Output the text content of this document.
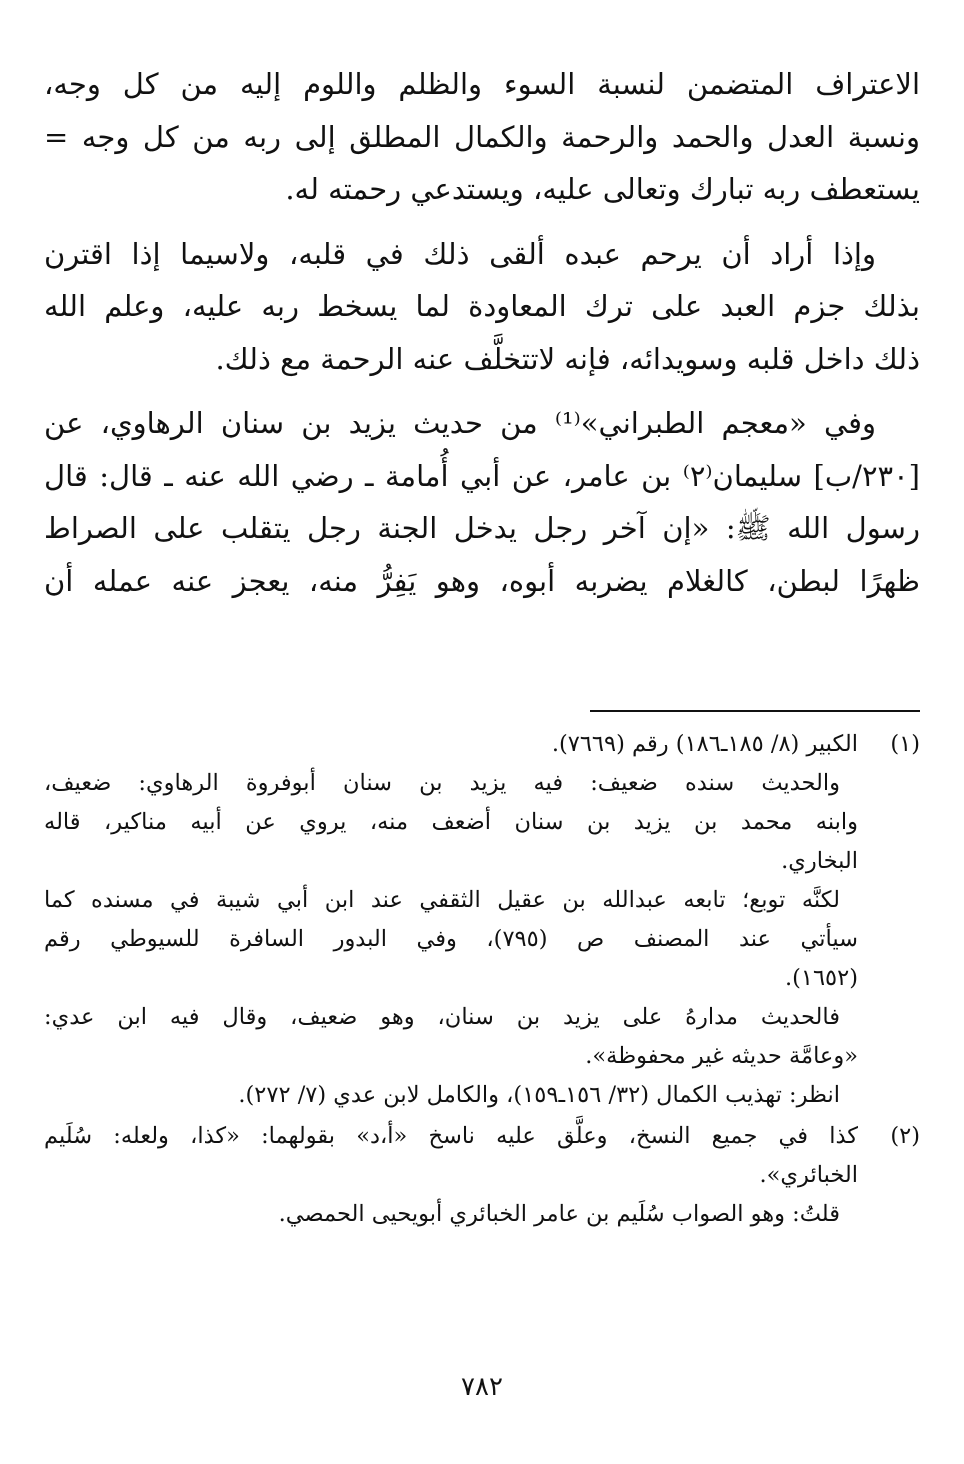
الاعتراف المتضمن لنسبة السوء والظلم واللوم إليه من كل وجه،
ونسبة العدل والحمد والرحمة والكمال المطلق إلى ربه من كل وجه =
يستعطف ربه تبارك وتعالى عليه، ويستدعي رحمته له.

وإذا أراد أن يرحم عبده ألقى ذلك في قلبه، ولاسيما إذا اقترن
بذلك جزم العبد على ترك المعاودة لما يسخط ربه عليه، وعلم الله
ذلك داخل قلبه وسويدائه، فإنه لاتتخلَّف عنه الرحمة مع ذلك.

وفي «معجم الطبراني»⁽¹⁾ من حديث يزيد بن سنان الرهاوي، عن
[٢٣٠/ب] سليمان⁽٢⁾ بن عامر، عن أبي أُمامة ـ رضي الله عنه ـ قال: قال
رسول الله ﷺ: «إن آخر رجل يدخل الجنة رجل يتقلب على الصراط
ظهرًا لبطن، كالغلام يضربه أبوه، وهو يَفِرُّ منه، يعجز عنه عمله أن

(١)
الكبير (٨/ ١٨٥ـ١٨٦) رقم (٧٦٦٩).
والحديث سنده ضعيف: فيه يزيد بن سنان أبوفروة الرهاوي: ضعيف،
وابنه محمد بن يزيد بن سنان أضعف منه، يروي عن أبيه مناكير، قاله
البخاري.
لكنَّه توبع؛ تابعه عبدالله بن عقيل الثقفي عند ابن أبي شيبة في مسنده كما
سيأتي عند المصنف ص (٧٩٥)، وفي البدور السافرة للسيوطي رقم
(١٦٥٢).
فالحديث مدارهُ على يزيد بن سنان، وهو ضعيف، وقال فيه ابن عدي:
«وعامَّة حديثه غير محفوظة».
انظر: تهذيب الكمال (٣٢/ ١٥٦ـ١٥٩)، والكامل لابن عدي (٧/ ٢٧٢).
(٢)
كذا في جميع النسخ، وعلَّق عليه ناسخ «أ،د» بقولهما: «كذا، ولعله: سُلَيم
الخبائري».
قلتُ: وهو الصواب سُلَيم بن عامر الخبائري أبويحيى الحمصي.
٧٨٢
